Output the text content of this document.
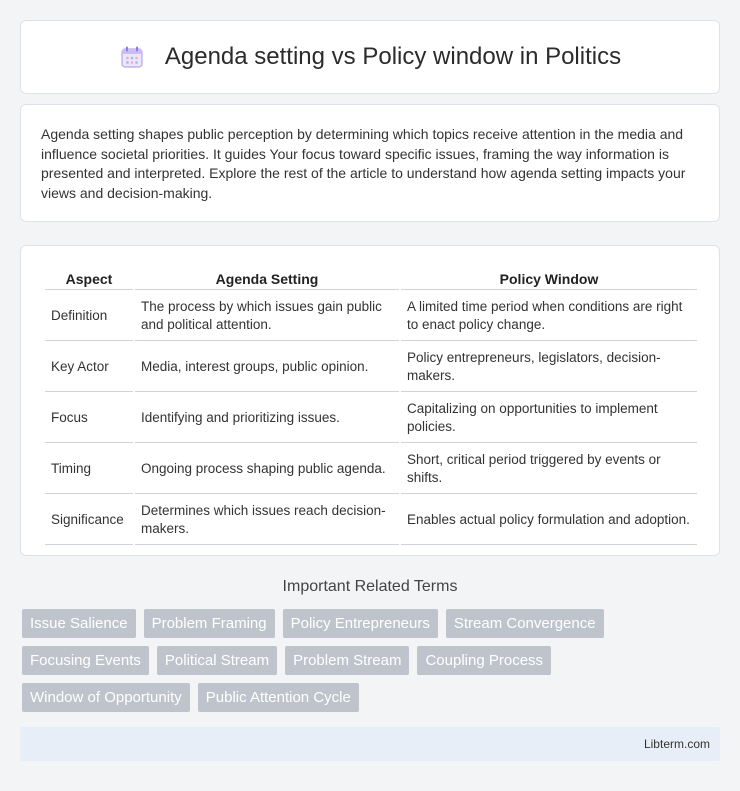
Agenda setting vs Policy window in Politics

Agenda setting shapes public perception by determining which topics receive attention in the media and influence societal priorities. It guides Your focus toward specific issues, framing the way information is presented and interpreted. Explore the rest of the article to understand how agenda setting impacts your views and decision-making.

Aspect	Agenda Setting	Policy Window
Definition	The process by which issues gain public and political attention.	A limited time period when conditions are right to enact policy change.
Key Actor	Media, interest groups, public opinion.	Policy entrepreneurs, legislators, decision-makers.
Focus	Identifying and prioritizing issues.	Capitalizing on opportunities to implement policies.
Timing	Ongoing process shaping public agenda.	Short, critical period triggered by events or shifts.
Significance	Determines which issues reach decision-makers.	Enables actual policy formulation and adoption.
Important Related Terms
Issue Salience	Problem Framing	Policy Entrepreneurs	Stream Convergence
Focusing Events	Political Stream	Problem Stream	Coupling Process
Window of Opportunity	Public Attention Cycle
Libterm.com
